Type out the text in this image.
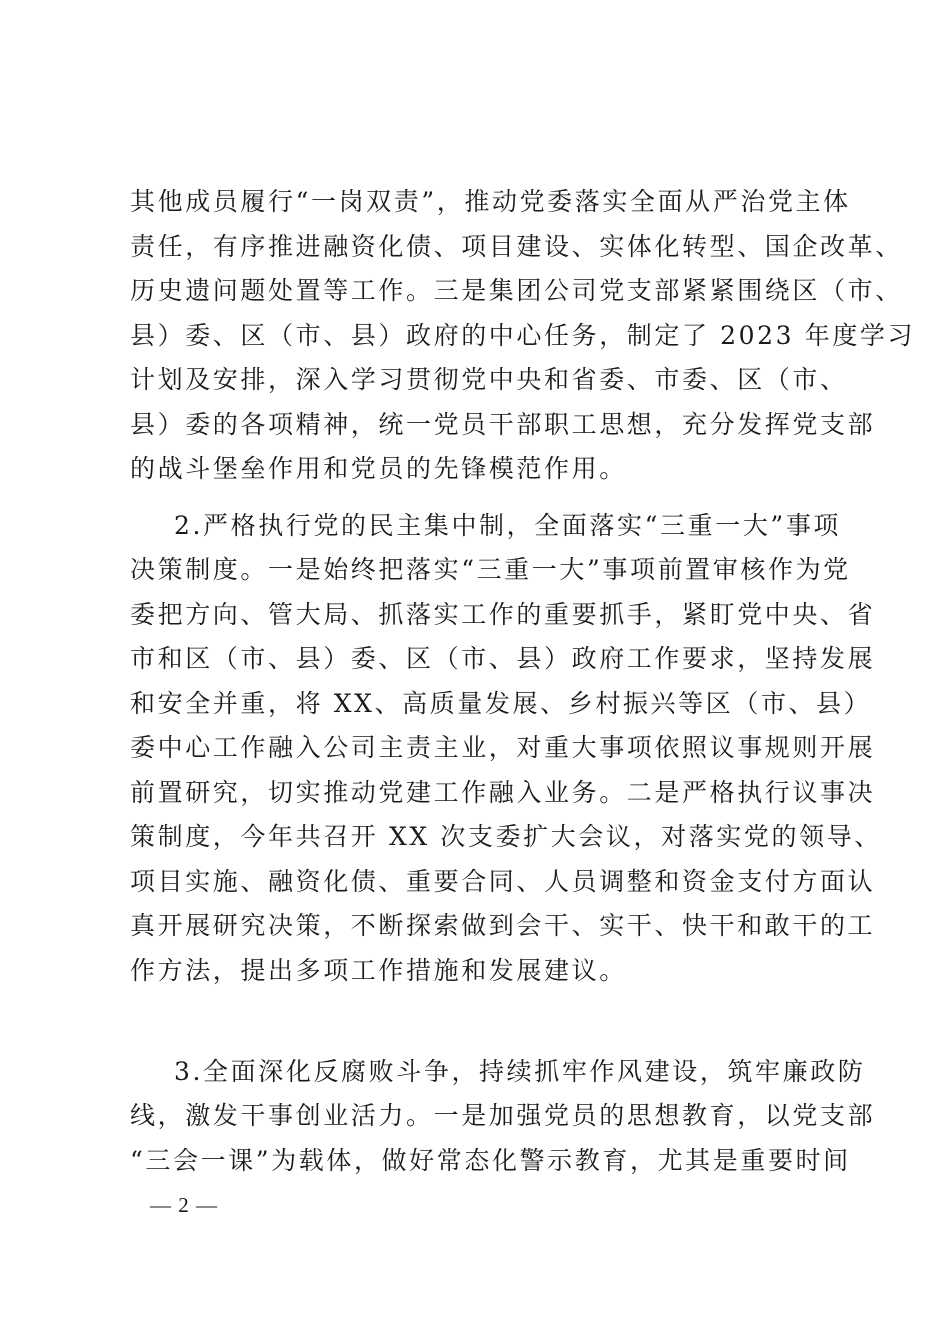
其他成员履行“一岗双责”，推动党委落实全面从严治党主体
责任，有序推进融资化债、项目建设、实体化转型、国企改革、
历史遗问题处置等工作。三是集团公司党支部紧紧围绕区（市、
县）委、区（市、县）政府的中心任务，制定了 2023 年度学习
计划及安排，深入学习贯彻党中央和省委、市委、区（市、
县）委的各项精神，统一党员干部职工思想，充分发挥党支部
的战斗堡垒作用和党员的先锋模范作用。
2.严格执行党的民主集中制，全面落实“三重一大”事项
决策制度。一是始终把落实“三重一大”事项前置审核作为党
委把方向、管大局、抓落实工作的重要抓手，紧盯党中央、省
市和区（市、县）委、区（市、县）政府工作要求，坚持发展
和安全并重，将 XX、高质量发展、乡村振兴等区（市、县）
委中心工作融入公司主责主业，对重大事项依照议事规则开展
前置研究，切实推动党建工作融入业务。二是严格执行议事决
策制度，今年共召开 XX 次支委扩大会议，对落实党的领导、
项目实施、融资化债、重要合同、人员调整和资金支付方面认
真开展研究决策，不断探索做到会干、实干、快干和敢干的工
作方法，提出多项工作措施和发展建议。
3.全面深化反腐败斗争，持续抓牢作风建设，筑牢廉政防
线，激发干事创业活力。一是加强党员的思想教育，以党支部
“三会一课”为载体，做好常态化警示教育，尤其是重要时间
— 2 —
